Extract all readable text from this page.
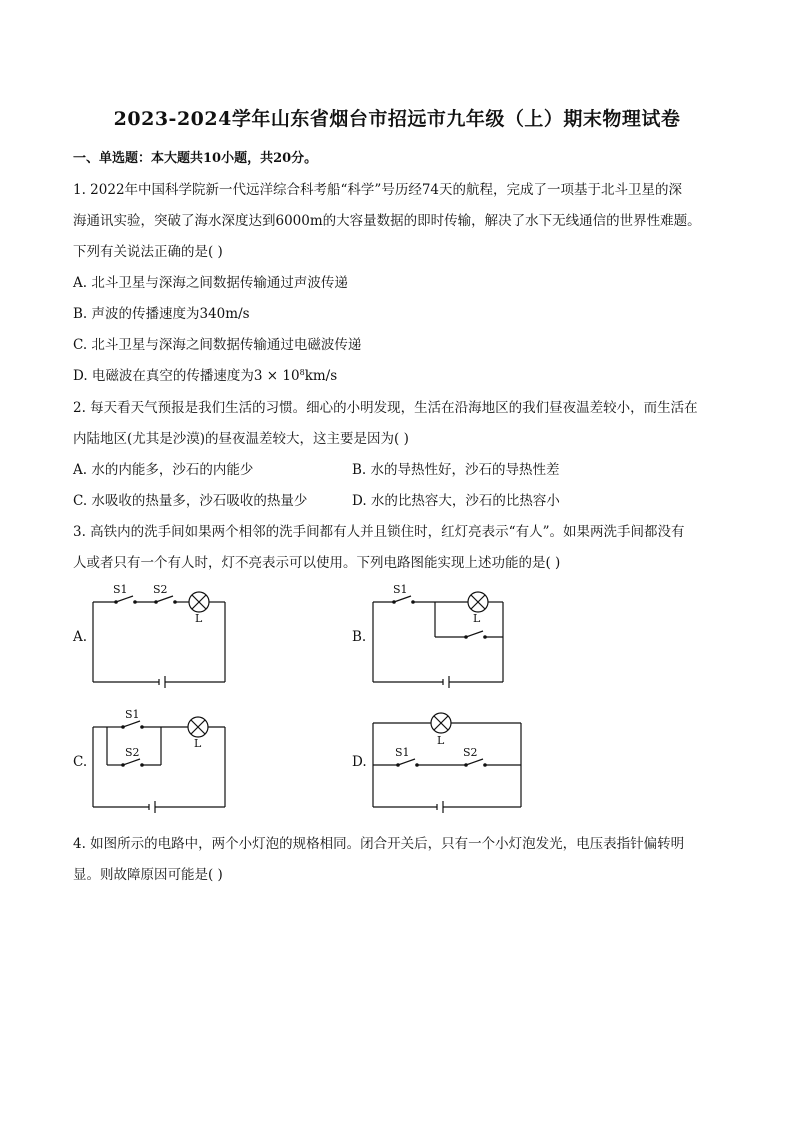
2023-2024学年山东省烟台市招远市九年级（上）期末物理试卷
一、单选题：本大题共10小题，共20分。
1. 2022年中国科学院新一代远洋综合科考船“科学”号历经74天的航程，完成了一项基于北斗卫星的深
海通讯实验，突破了海水深度达到6000m的大容量数据的即时传输，解决了水下无线通信的世界性难题。
下列有关说法正确的是( )
A. 北斗卫星与深海之间数据传输通过声波传递
B. 声波的传播速度为340m/s
C. 北斗卫星与深海之间数据传输通过电磁波传递
D. 电磁波在真空的传播速度为$3 \times 10^8km/s$
2. 每天看天气预报是我们生活的习惯。细心的小明发现，生活在沿海地区的我们昼夜温差较小，而生活在
内陆地区(尤其是沙漠)的昼夜温差较大，这主要是因为( )
A. 水的内能多，沙石的内能少	B. 水的导热性好，沙石的导热性差
C. 水吸收的热量多，沙石吸收的热量少	D. 水的比热容大，沙石的比热容小
3. 高铁内的洗手间如果两个相邻的洗手间都有人并且锁住时，红灯亮表示“有人”。如果两洗手间都没有
人或者只有一个有人时，灯不亮表示可以使用。下列电路图能实现上述功能的是( )
A.	B.
C.	D.
S1 S2
L
S1
L
S1
S2
L	L
S1	S2
4. 如图所示的电路中，两个小灯泡的规格相同。闭合开关后，只有一个小灯泡发光，电压表指针偏转明
显。则故障原因可能是( )
